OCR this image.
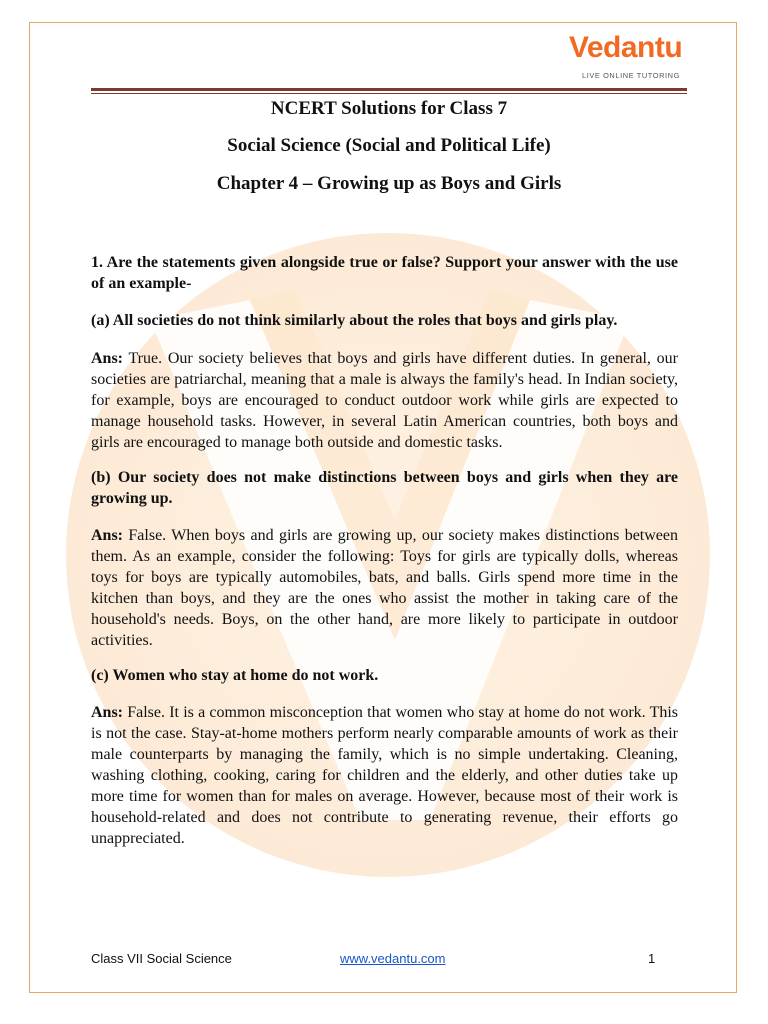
Vedantu
LIVE ONLINE TUTORING
NCERT Solutions for Class 7
Social Science (Social and Political Life)
Chapter 4 – Growing up as Boys and Girls

1. Are the statements given alongside true or false? Support your answer with the use of an example-

(a) All societies do not think similarly about the roles that boys and girls play.

Ans: True. Our society believes that boys and girls have different duties. In general, our societies are patriarchal, meaning that a male is always the family's head. In Indian society, for example, boys are encouraged to conduct outdoor work while girls are expected to manage household tasks. However, in several Latin American countries, both boys and girls are encouraged to manage both outside and domestic tasks.

(b) Our society does not make distinctions between boys and girls when they are growing up.

Ans: False. When boys and girls are growing up, our society makes distinctions between them. As an example, consider the following: Toys for girls are typically dolls, whereas toys for boys are typically automobiles, bats, and balls. Girls spend more time in the kitchen than boys, and they are the ones who assist the mother in taking care of the household's needs. Boys, on the other hand, are more likely to participate in outdoor activities.

(c) Women who stay at home do not work.

Ans: False. It is a common misconception that women who stay at home do not work. This is not the case. Stay-at-home mothers perform nearly comparable amounts of work as their male counterparts by managing the family, which is no simple undertaking. Cleaning, washing clothing, cooking, caring for children and the elderly, and other duties take up more time for women than for males on average. However, because most of their work is household-related and does not contribute to generating revenue, their efforts go unappreciated.

Class VII Social Science	www.vedantu.com	1
